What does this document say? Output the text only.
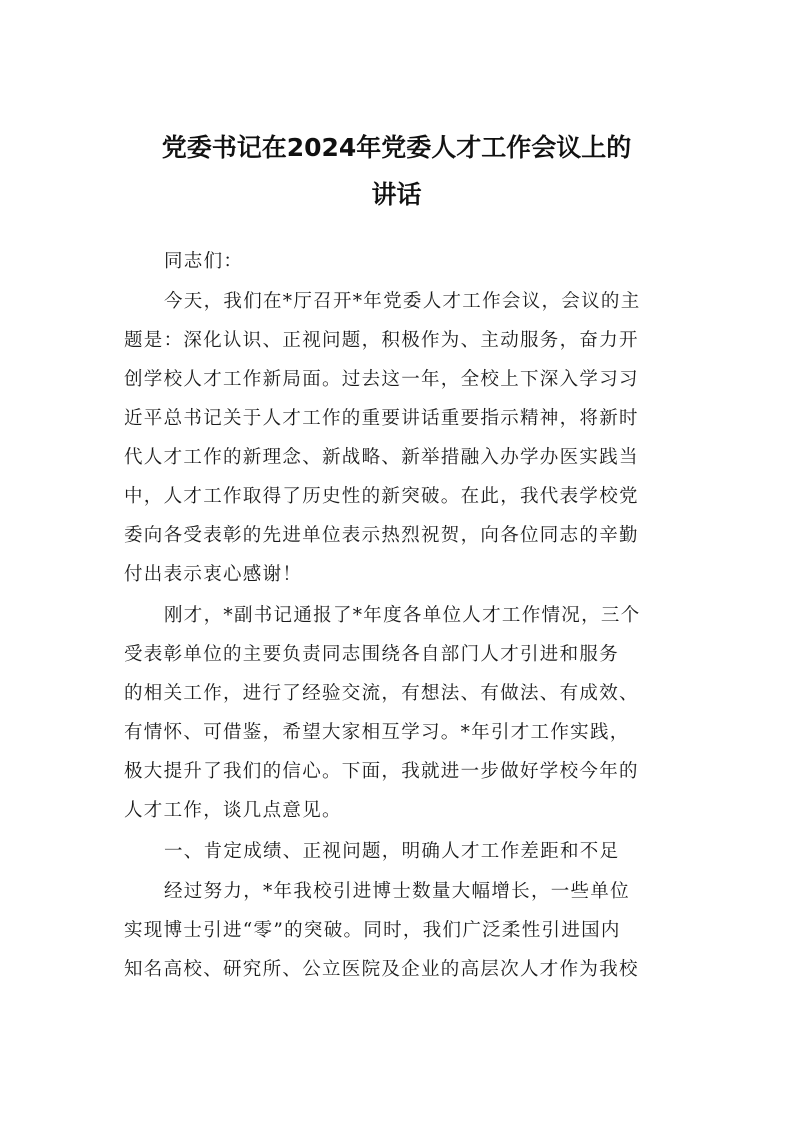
党委书记在2024年党委人才工作会议上的
讲话
同志们：
今天，我们在*厅召开*年党委人才工作会议，会议的主
题是：深化认识、正视问题，积极作为、主动服务，奋力开
创学校人才工作新局面。过去这一年，全校上下深入学习习
近平总书记关于人才工作的重要讲话重要指示精神，将新时
代人才工作的新理念、新战略、新举措融入办学办医实践当
中，人才工作取得了历史性的新突破。在此，我代表学校党
委向各受表彰的先进单位表示热烈祝贺，向各位同志的辛勤
付出表示衷心感谢！
刚才，*副书记通报了*年度各单位人才工作情况，三个
受表彰单位的主要负责同志围绕各自部门人才引进和服务
的相关工作，进行了经验交流，有想法、有做法、有成效、
有情怀、可借鉴，希望大家相互学习。*年引才工作实践，
极大提升了我们的信心。下面，我就进一步做好学校今年的
人才工作，谈几点意见。
一、肯定成绩、正视问题，明确人才工作差距和不足
经过努力，*年我校引进博士数量大幅增长，一些单位
实现博士引进“零”的突破。同时，我们广泛柔性引进国内
知名高校、研究所、公立医院及企业的高层次人才作为我校
